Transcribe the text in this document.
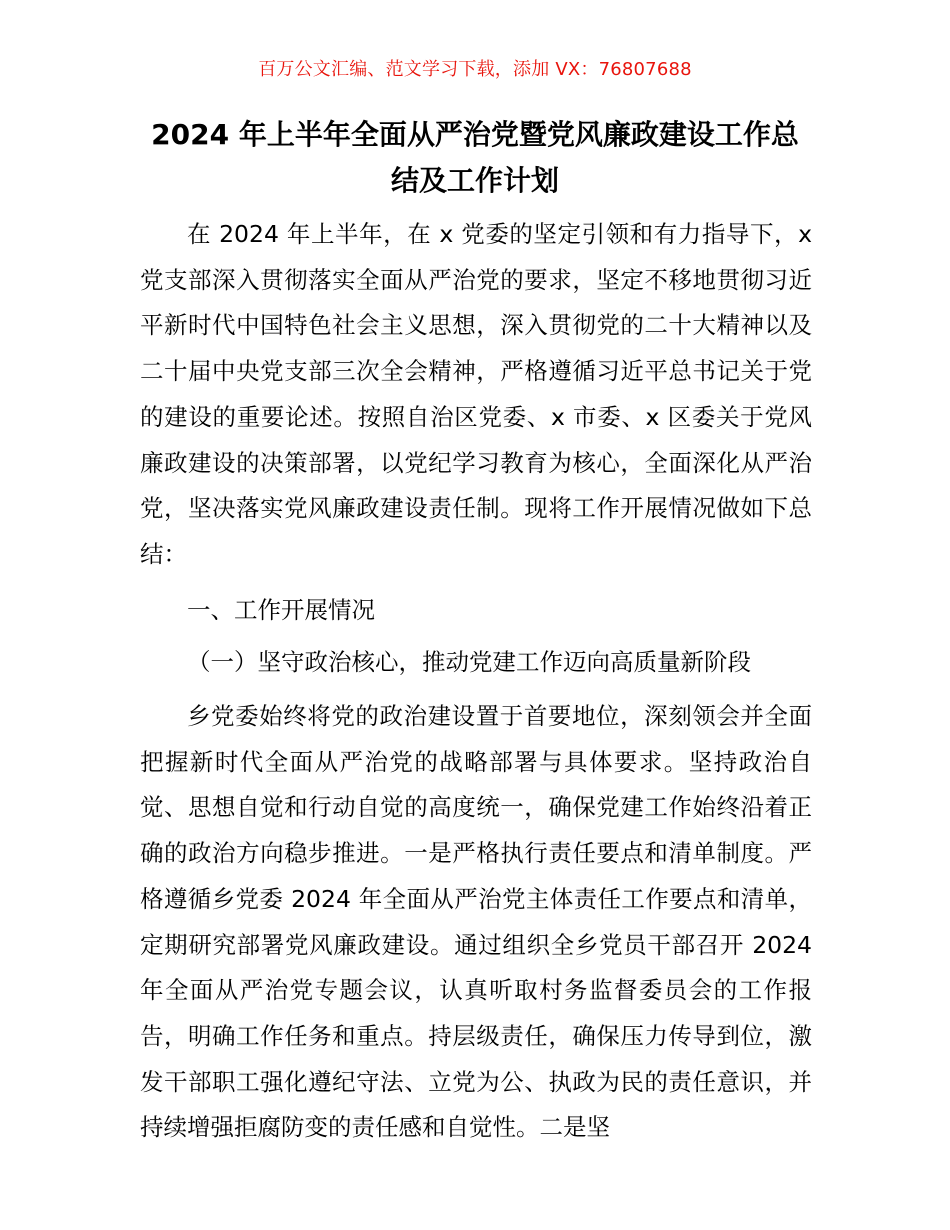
百万公文汇编、范文学习下载，添加 VX：76807688
2024 年上半年全面从严治党暨党风廉政建设工作总结及工作计划

在 2024 年上半年，在 x 党委的坚定引领和有力指导下，x 党支部深入贯彻落实全面从严治党的要求，坚定不移地贯彻习近平新时代中国特色社会主义思想，深入贯彻党的二十大精神以及二十届中央党支部三次全会精神，严格遵循习近平总书记关于党的建设的重要论述。按照自治区党委、x 市委、x 区委关于党风廉政建设的决策部署，以党纪学习教育为核心，全面深化从严治党，坚决落实党风廉政建设责任制。现将工作开展情况做如下总结：

一、工作开展情况

（一）坚守政治核心，推动党建工作迈向高质量新阶段

乡党委始终将党的政治建设置于首要地位，深刻领会并全面把握新时代全面从严治党的战略部署与具体要求。坚持政治自觉、思想自觉和行动自觉的高度统一，确保党建工作始终沿着正确的政治方向稳步推进。一是严格执行责任要点和清单制度。严格遵循乡党委 2024 年全面从严治党主体责任工作要点和清单，定期研究部署党风廉政建设。通过组织全乡党员干部召开 2024 年全面从严治党专题会议，认真听取村务监督委员会的工作报告，明确工作任务和重点。持层级责任，确保压力传导到位，激发干部职工强化遵纪守法、立党为公、执政为民的责任意识，并持续增强拒腐防变的责任感和自觉性。二是坚
